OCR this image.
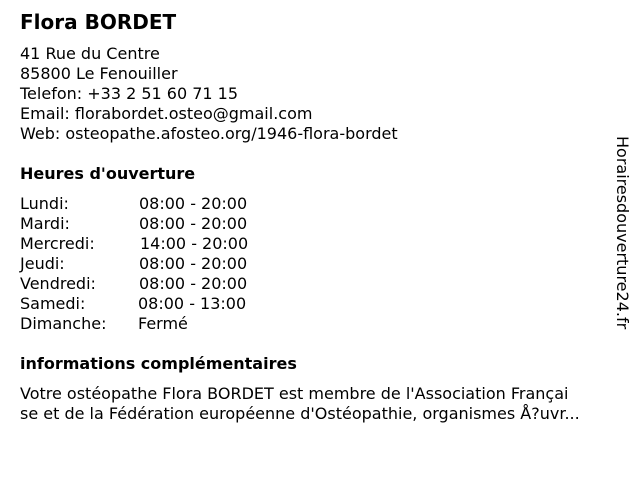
Flora BORDET
41 Rue du Centre
85800 Le Fenouiller
Telefon: +33 2 51 60 71 15
Email: florabordet.osteo@gmail.com
Web: osteopathe.afosteo.org/1946-flora-bordet
Heures d'ouverture
Lundi:	08:00 - 20:00
Mardi:	08:00 - 20:00
Mercredi:	14:00 - 20:00
Jeudi:	08:00 - 20:00
Vendredi:	08:00 - 20:00
Samedi:	08:00 - 13:00
Dimanche: Fermé
informations complémentaires
Votre ostéopathe Flora BORDET est membre de l'Association Françai
se et de la Fédération européenne d'Ostéopathie, organismes Å?uvr...
Horairesdouverture24.fr
